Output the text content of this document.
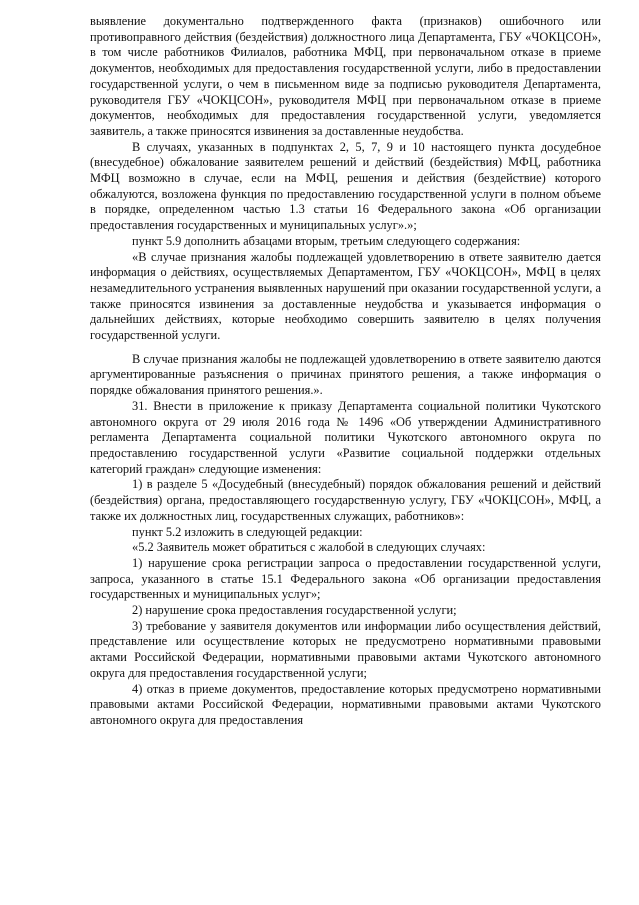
выявление документально подтвержденного факта (признаков) ошибочного или противоправного действия (бездействия) должностного лица Департамента, ГБУ «ЧОКЦСОН», в том числе работников Филиалов, работника МФЦ, при первоначальном отказе в приеме документов, необходимых для предоставления государственной услуги, либо в предоставлении государственной услуги, о чем в письменном виде за подписью руководителя Департамента, руководителя ГБУ «ЧОКЦСОН», руководителя МФЦ при первоначальном отказе в приеме документов, необходимых для предоставления государственной услуги, уведомляется заявитель, а также приносятся извинения за доставленные неудобства.

В случаях, указанных в подпунктах 2, 5, 7, 9 и 10 настоящего пункта досудебное (внесудебное) обжалование заявителем решений и действий (бездействия) МФЦ, работника МФЦ возможно в случае, если на МФЦ, решения и действия (бездействие) которого обжалуются, возложена функция по предоставлению государственной услуги в полном объеме в порядке, определенном частью 1.3 статьи 16 Федерального закона «Об организации предоставления государственных и муниципальных услуг».»;

пункт 5.9 дополнить абзацами вторым, третьим следующего содержания:

«В случае признания жалобы подлежащей удовлетворению в ответе заявителю дается информация о действиях, осуществляемых Департаментом, ГБУ «ЧОКЦСОН», МФЦ в целях незамедлительного устранения выявленных нарушений при оказании государственной услуги, а также приносятся извинения за доставленные неудобства и указывается информация о дальнейших действиях, которые необходимо совершить заявителю в целях получения государственной услуги.

В случае признания жалобы не подлежащей удовлетворению в ответе заявителю даются аргументированные разъяснения о причинах принятого решения, а также информация о порядке обжалования принятого решения.».

31. Внести в приложение к приказу Департамента социальной политики Чукотского автономного округа от 29 июля 2016 года № 1496 «Об утверждении Административного регламента Департамента социальной политики Чукотского автономного округа по предоставлению государственной услуги «Развитие социальной поддержки отдельных категорий граждан» следующие изменения:

1) в разделе 5 «Досудебный (внесудебный) порядок обжалования решений и действий (бездействия) органа, предоставляющего государственную услугу, ГБУ «ЧОКЦСОН», МФЦ, а также их должностных лиц, государственных служащих, работников»:

пункт 5.2 изложить в следующей редакции:

«5.2 Заявитель может обратиться с жалобой в следующих случаях:

1) нарушение срока регистрации запроса о предоставлении государственной услуги, запроса, указанного в статье 15.1 Федерального закона «Об организации предоставления государственных и муниципальных услуг»;

2) нарушение срока предоставления государственной услуги;

3) требование у заявителя документов или информации либо осуществления действий, представление или осуществление которых не предусмотрено нормативными правовыми актами Российской Федерации, нормативными правовыми актами Чукотского автономного округа для предоставления государственной услуги;

4) отказ в приеме документов, предоставление которых предусмотрено нормативными правовыми актами Российской Федерации, нормативными правовыми актами Чукотского автономного округа для предоставления
